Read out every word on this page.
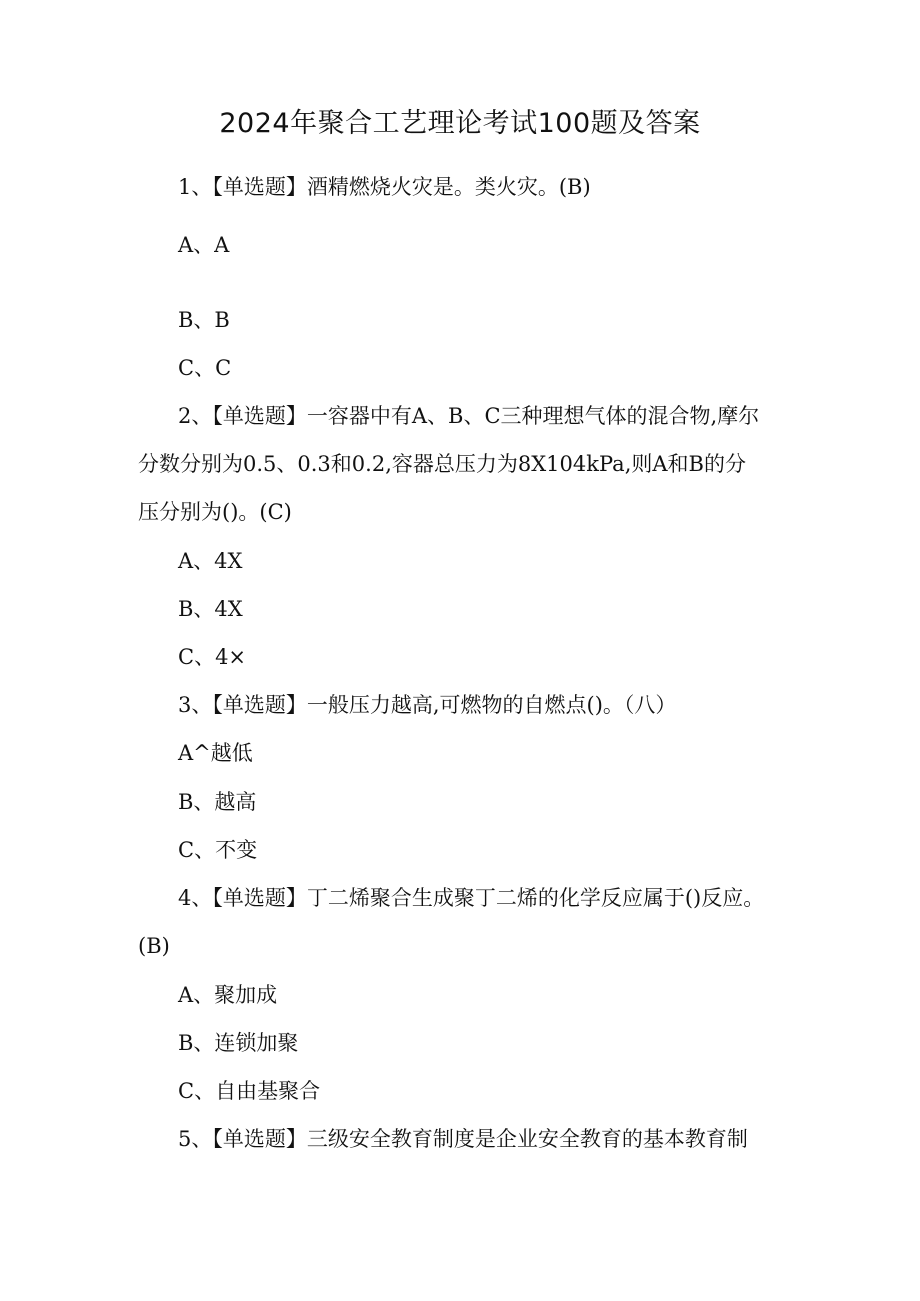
2024年聚合工艺理论考试100题及答案
1、【单选题】酒精燃烧火灾是。类火灾。(B)
A、A
B、B
C、C
2、【单选题】一容器中有A、B、C三种理想气体的混合物,摩尔
分数分别为0.5、0.3和0.2,容器总压力为8X104kPa,则A和B的分
压分别为()。(C)
A、4X
B、4X
C、4×
3、【单选题】一般压力越高,可燃物的自燃点()。（八）
A^越低
B、越高
C、不变
4、【单选题】丁二烯聚合生成聚丁二烯的化学反应属于()反应。
(B)
A、聚加成
B、连锁加聚
C、自由基聚合
5、【单选题】三级安全教育制度是企业安全教育的基本教育制
